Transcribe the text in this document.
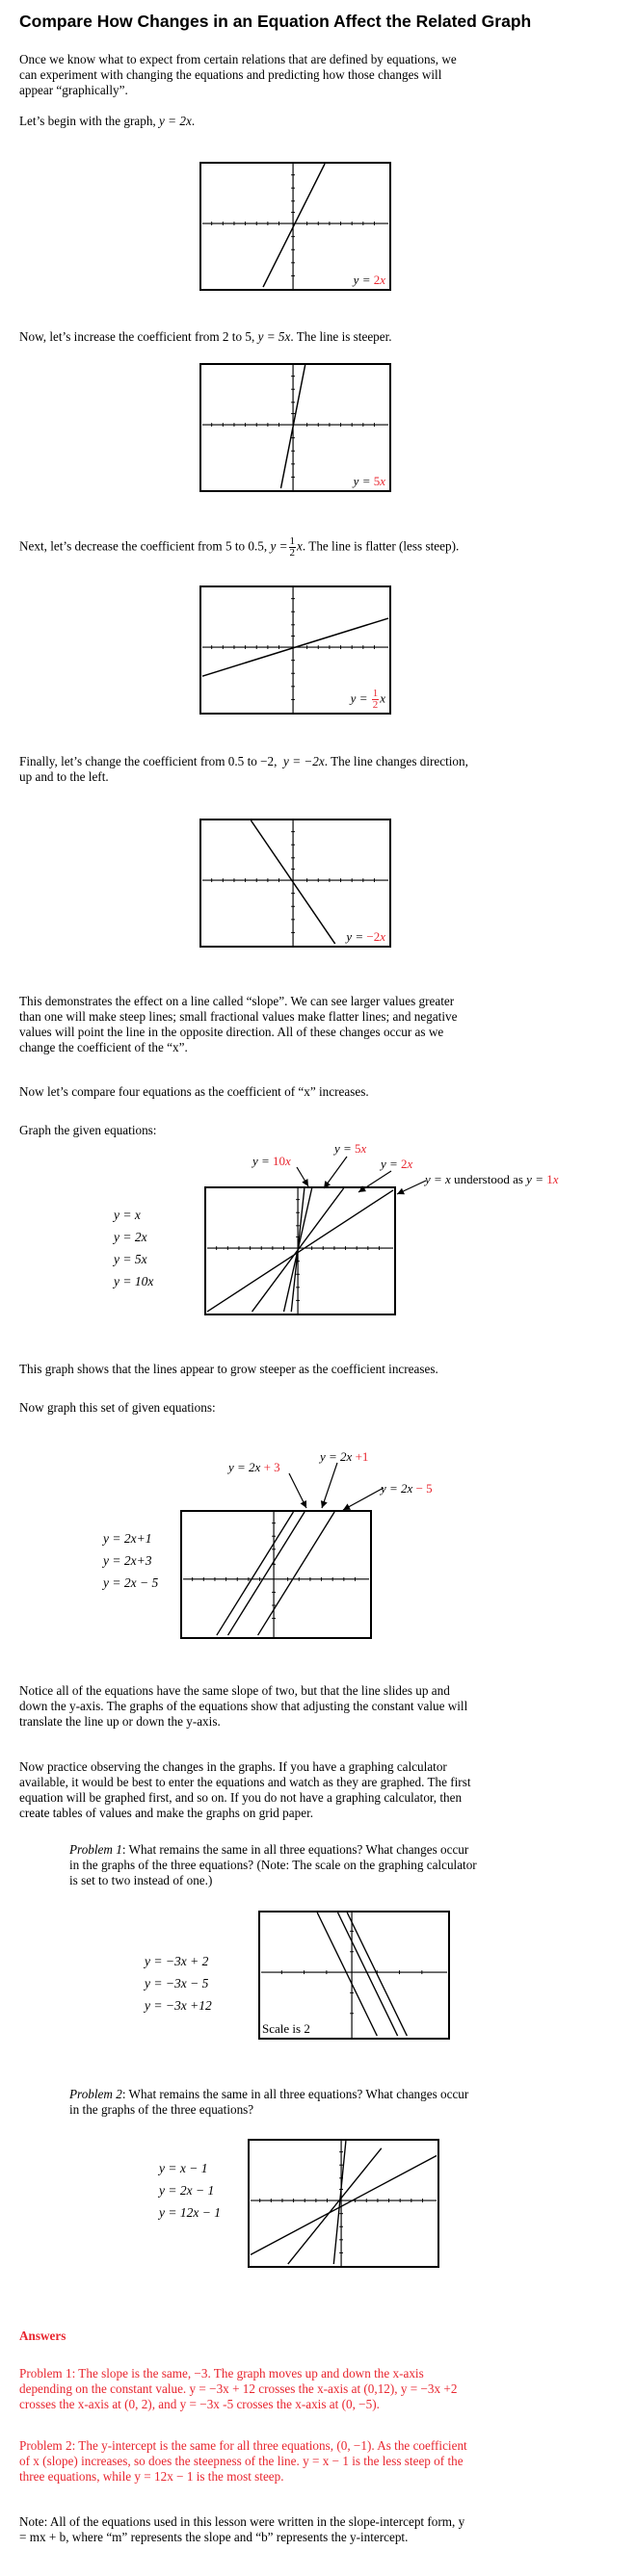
Compare How Changes in an Equation Affect the Related Graph

Once we know what to expect from certain relations that are defined by equations, we

can experiment with changing the equations and predicting how those changes will

appear “graphically”.

Let’s begin with the graph, y = 2x.

y = 2x

Now, let’s increase the coefficient from 2 to 5, y = 5x. The line is steeper.

y = 5x

Next, let’s decrease the coefficient from 5 to 0.5, $y = \frac{1}{2} x$. The line is flatter (less steep).

$y = \frac{1}{2}$ x

Finally, let’s change the coefficient from 0.5 to −2, y = −2x. The line changes direction,

up and to the left.

y = −2x

This demonstrates the effect on a line called “slope”. We can see larger values greater

than one will make steep lines; small fractional values make flatter lines; and negative

values will point the line in the opposite direction. All of these changes occur as we

change the coefficient of the “x”.

Now let’s compare four equations as the coefficient of “x” increases.

Graph the given equations:

y = 10x
y = 5x
y = 2x
y = x understood as y = 1x
y = x
y = 2x
y = 5x
y = 10x

This graph shows that the lines appear to grow steeper as the coefficient increases.

Now graph this set of given equations:

y = 2x + 3
y = 2x +1
y = 2x − 5
y = 2x+1
y = 2x+3
y = 2x − 5

Notice all of the equations have the same slope of two, but that the line slides up and

down the y-axis. The graphs of the equations show that adjusting the constant value will

translate the line up or down the y-axis.

Now practice observing the changes in the graphs. If you have a graphing calculator

available, it would be best to enter the equations and watch as they are graphed. The first

equation will be graphed first, and so on. If you do not have a graphing calculator, then

create tables of values and make the graphs on grid paper.

Problem 1: What remains the same in all three equations? What changes occur

in the graphs of the three equations? (Note: The scale on the graphing calculator

is set to two instead of one.)

y = −3x + 2
y = −3x − 5
y = −3x +12
Scale is 2

Problem 2: What remains the same in all three equations? What changes occur

in the graphs of the three equations?

y = x − 1
y = 2x − 1
y = 12x − 1

Answers

Problem 1: The slope is the same, −3. The graph moves up and down the x-axis

depending on the constant value. y = −3x + 12 crosses the x-axis at (0,12), y = −3x +2

crosses the x-axis at (0, 2), and y = −3x -5 crosses the x-axis at (0, −5).

Problem 2: The y-intercept is the same for all three equations, (0, −1). As the coefficient

of x (slope) increases, so does the steepness of the line. y = x − 1 is the less steep of the

three equations, while y = 12x − 1 is the most steep.

Note: All of the equations used in this lesson were written in the slope-intercept form, y

= mx + b, where “m” represents the slope and “b” represents the y-intercept.
